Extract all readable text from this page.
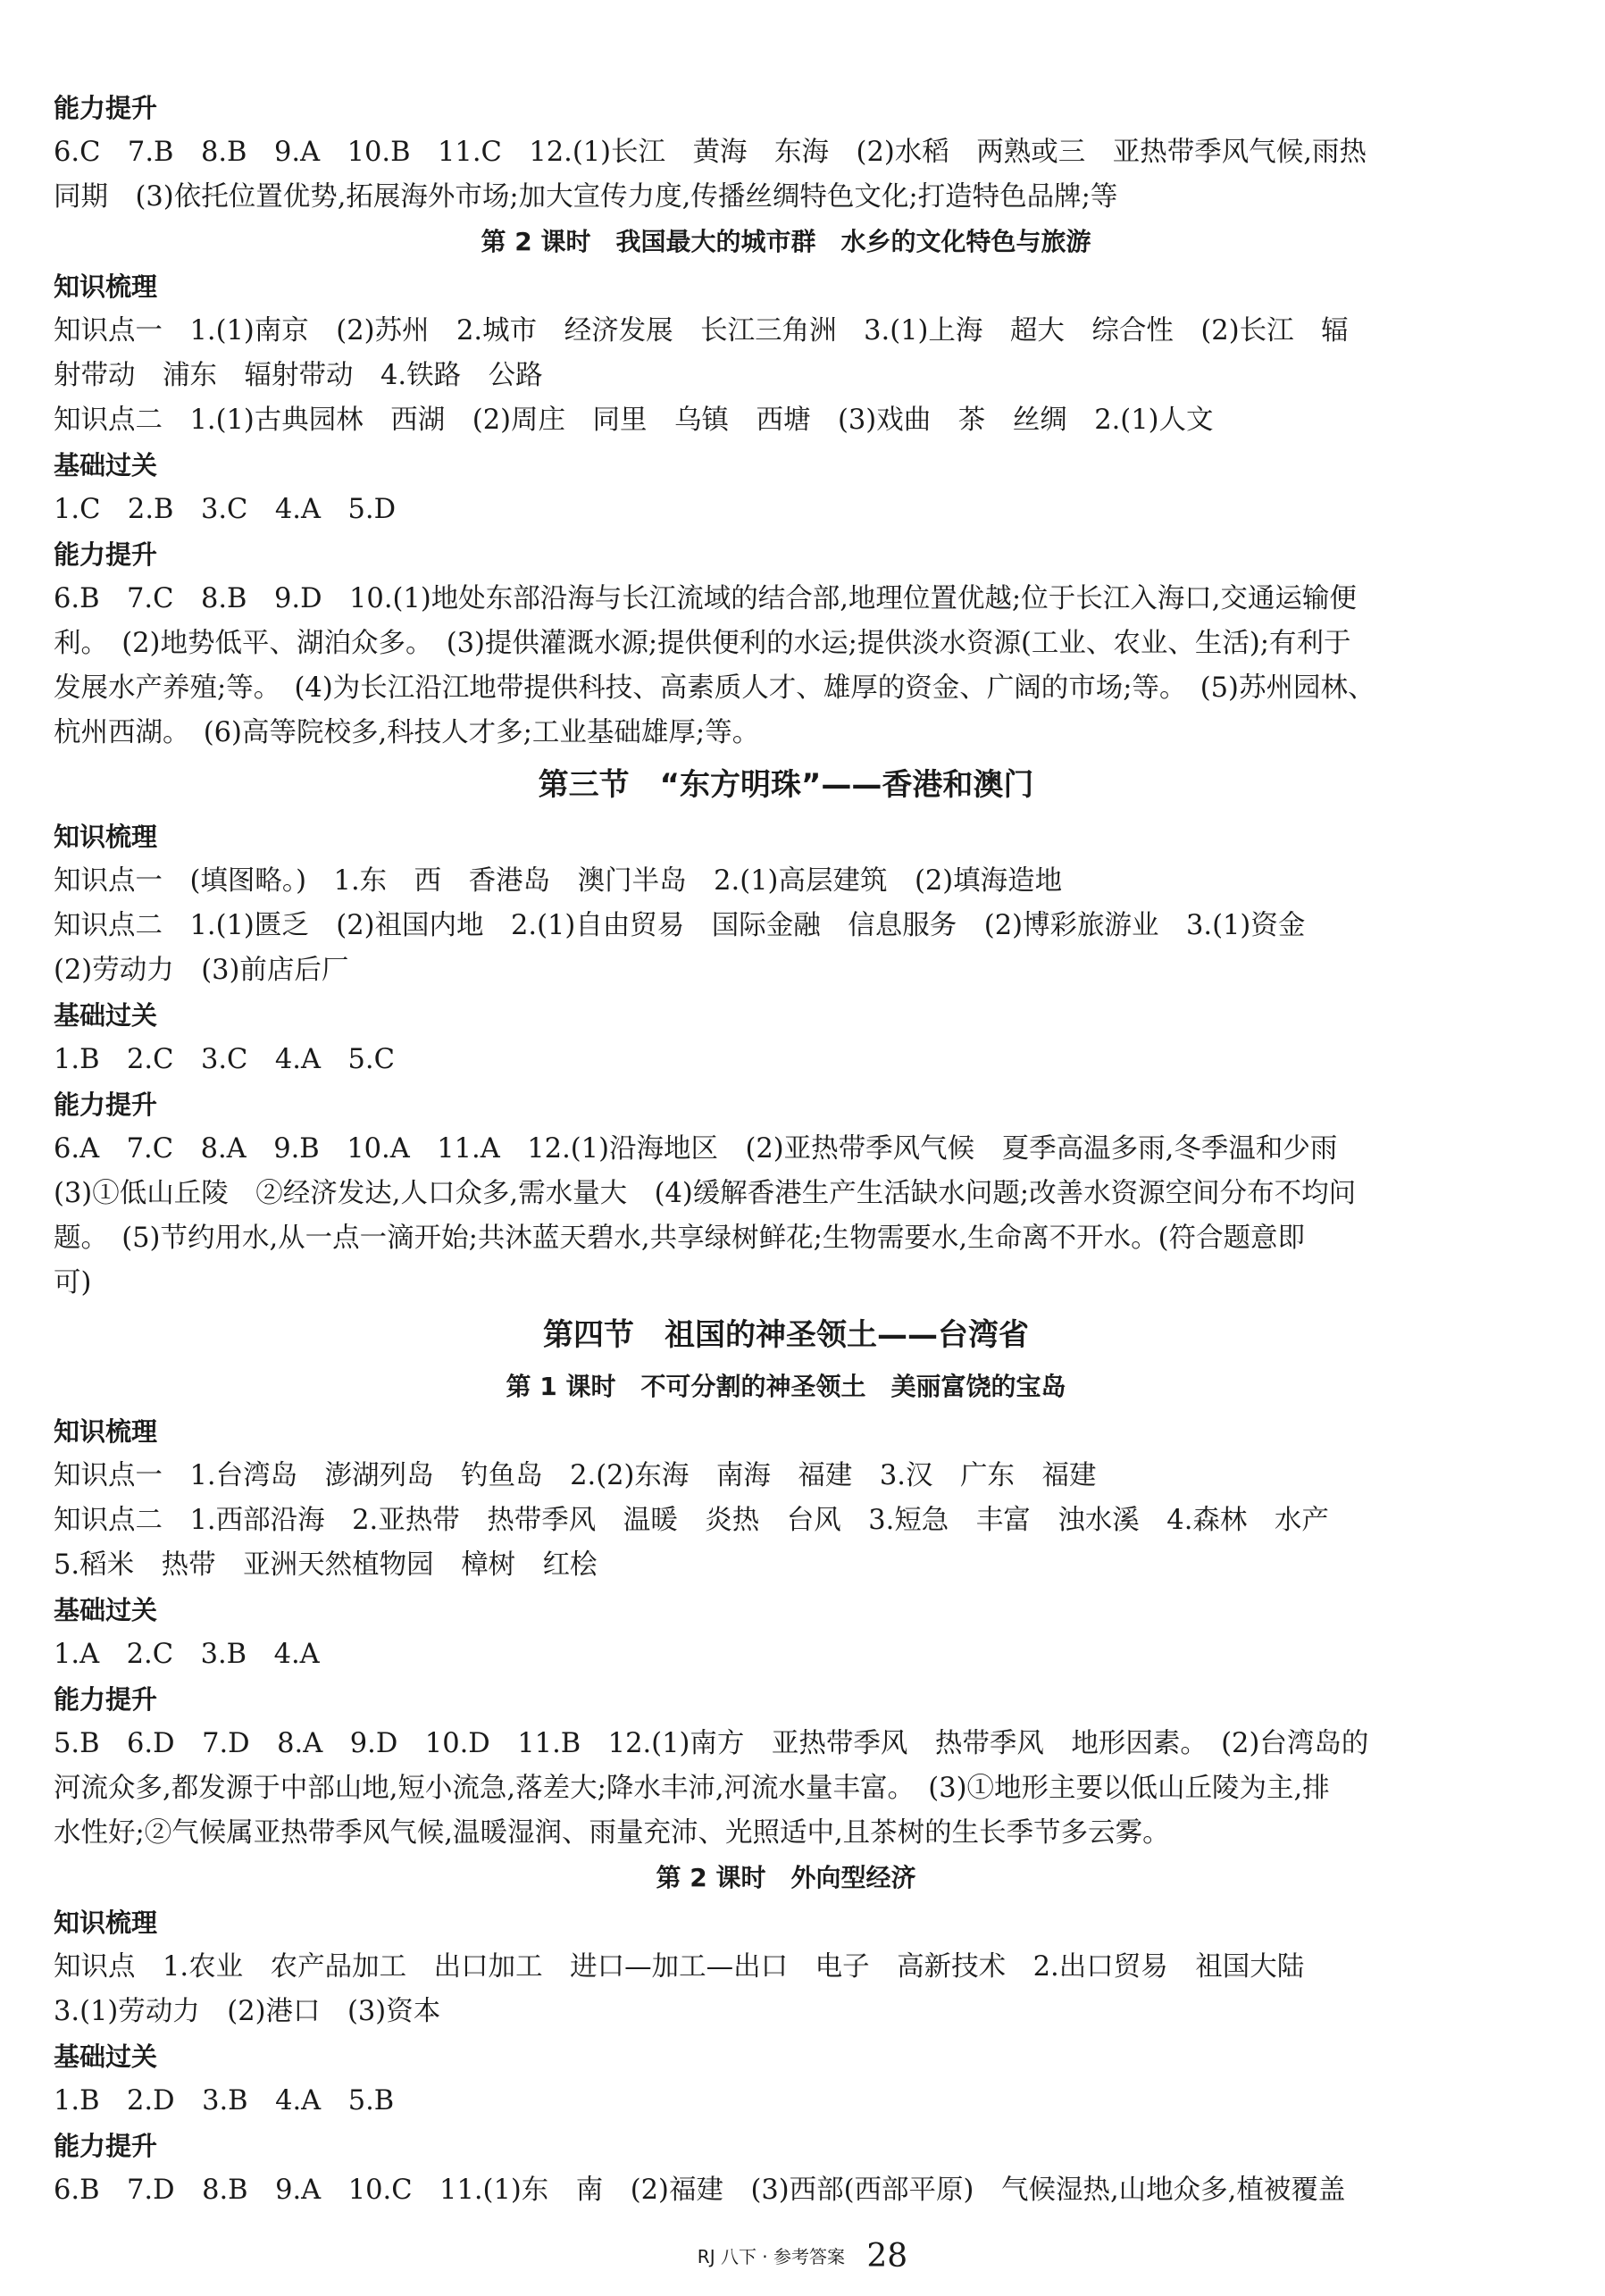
能力提升
6.C　7.B　8.B　9.A　10.B　11.C　12.(1)长江　黄海　东海　(2)水稻　两熟或三　亚热带季风气候,雨热
同期　(3)依托位置优势,拓展海外市场;加大宣传力度,传播丝绸特色文化;打造特色品牌;等
第 2 课时　我国最大的城市群　水乡的文化特色与旅游
知识梳理
知识点一　1.(1)南京　(2)苏州　2.城市　经济发展　长江三角洲　3.(1)上海　超大　综合性　(2)长江　辐
射带动　浦东　辐射带动　4.铁路　公路
知识点二　1.(1)古典园林　西湖　(2)周庄　同里　乌镇　西塘　(3)戏曲　茶　丝绸　2.(1)人文
基础过关
1.C　2.B　3.C　4.A　5.D
能力提升
6.B　7.C　8.B　9.D　10.(1)地处东部沿海与长江流域的结合部,地理位置优越;位于长江入海口,交通运输便
利。　(2)地势低平、湖泊众多。　(3)提供灌溉水源;提供便利的水运;提供淡水资源(工业、农业、生活);有利于
发展水产养殖;等。　(4)为长江沿江地带提供科技、高素质人才、雄厚的资金、广阔的市场;等。　(5)苏州园林、
杭州西湖。　(6)高等院校多,科技人才多;工业基础雄厚;等。
第三节　“东方明珠”——香港和澳门
知识梳理
知识点一　(填图略。)　1.东　西　香港岛　澳门半岛　2.(1)高层建筑　(2)填海造地
知识点二　1.(1)匮乏　(2)祖国内地　2.(1)自由贸易　国际金融　信息服务　(2)博彩旅游业　3.(1)资金
(2)劳动力　(3)前店后厂
基础过关
1.B　2.C　3.C　4.A　5.C
能力提升
6.A　7.C　8.A　9.B　10.A　11.A　12.(1)沿海地区　(2)亚热带季风气候　夏季高温多雨,冬季温和少雨
(3)①低山丘陵　②经济发达,人口众多,需水量大　(4)缓解香港生产生活缺水问题;改善水资源空间分布不均问
题。　(5)节约用水,从一点一滴开始;共沐蓝天碧水,共享绿树鲜花;生物需要水,生命离不开水。(符合题意即
可)
第四节　祖国的神圣领土——台湾省
第 1 课时　不可分割的神圣领土　美丽富饶的宝岛
知识梳理
知识点一　1.台湾岛　澎湖列岛　钓鱼岛　2.(2)东海　南海　福建　3.汉　广东　福建
知识点二　1.西部沿海　2.亚热带　热带季风　温暖　炎热　台风　3.短急　丰富　浊水溪　4.森林　水产
5.稻米　热带　亚洲天然植物园　樟树　红桧
基础过关
1.A　2.C　3.B　4.A
能力提升
5.B　6.D　7.D　8.A　9.D　10.D　11.B　12.(1)南方　亚热带季风　热带季风　地形因素。　(2)台湾岛的
河流众多,都发源于中部山地,短小流急,落差大;降水丰沛,河流水量丰富。　(3)①地形主要以低山丘陵为主,排
水性好;②气候属亚热带季风气候,温暖湿润、雨量充沛、光照适中,且茶树的生长季节多云雾。
第 2 课时　外向型经济
知识梳理
知识点　1.农业　农产品加工　出口加工　进口—加工—出口　电子　高新技术　2.出口贸易　祖国大陆
3.(1)劳动力　(2)港口　(3)资本
基础过关
1.B　2.D　3.B　4.A　5.B
能力提升
6.B　7.D　8.B　9.A　10.C　11.(1)东　南　(2)福建　(3)西部(西部平原)　气候湿热,山地众多,植被覆盖
RJ 八下 · 参考答案 28
